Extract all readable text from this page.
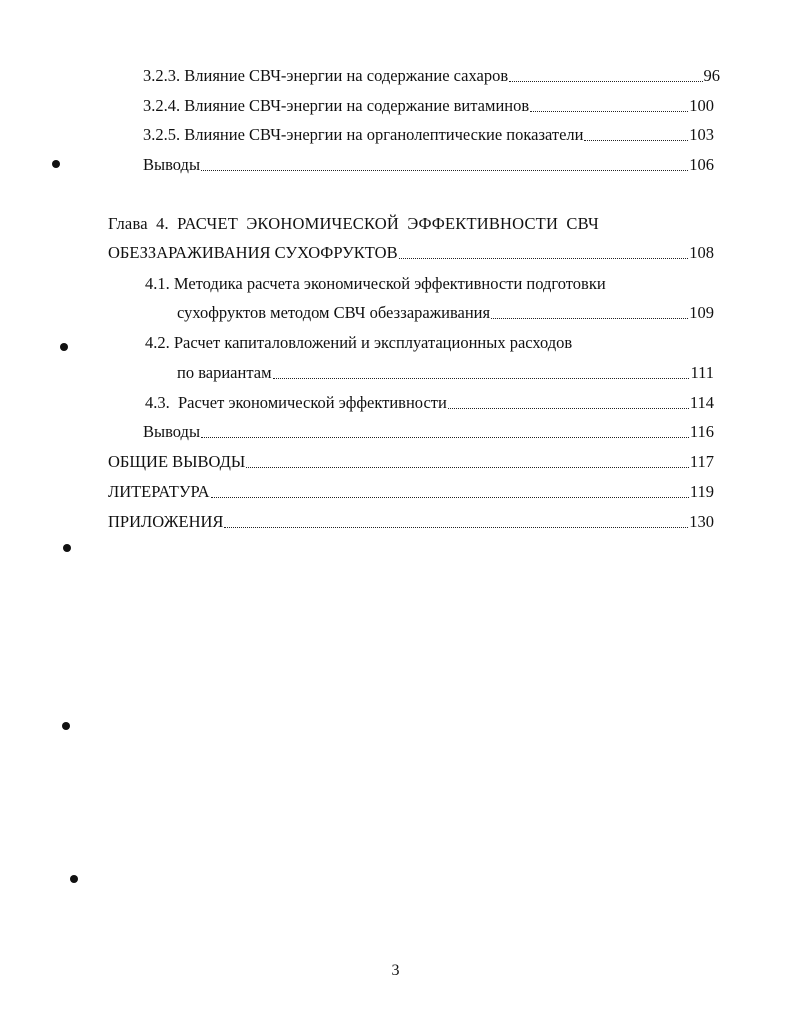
3.2.3. Влияние СВЧ-энергии на содержание сахаров	96
3.2.4. Влияние СВЧ-энергии на содержание витаминов	100
3.2.5. Влияние СВЧ-энергии на органолептические показатели	103
Выводы	106
Глава 4. РАСЧЕТ ЭКОНОМИЧЕСКОЙ ЭФФЕКТИВНОСТИ СВЧ
ОБЕЗЗАРАЖИВАНИЯ СУХОФРУКТОВ	108
4.1. Методика расчета экономической эффективности подготовки
сухофруктов методом СВЧ обеззараживания	109
4.2. Расчет капиталовложений и эксплуатационных расходов
по вариантам	111
4.3.  Расчет экономической эффективности	114
Выводы	116
ОБЩИЕ ВЫВОДЫ	117
ЛИТЕРАТУРА	119
ПРИЛОЖЕНИЯ	130
3
